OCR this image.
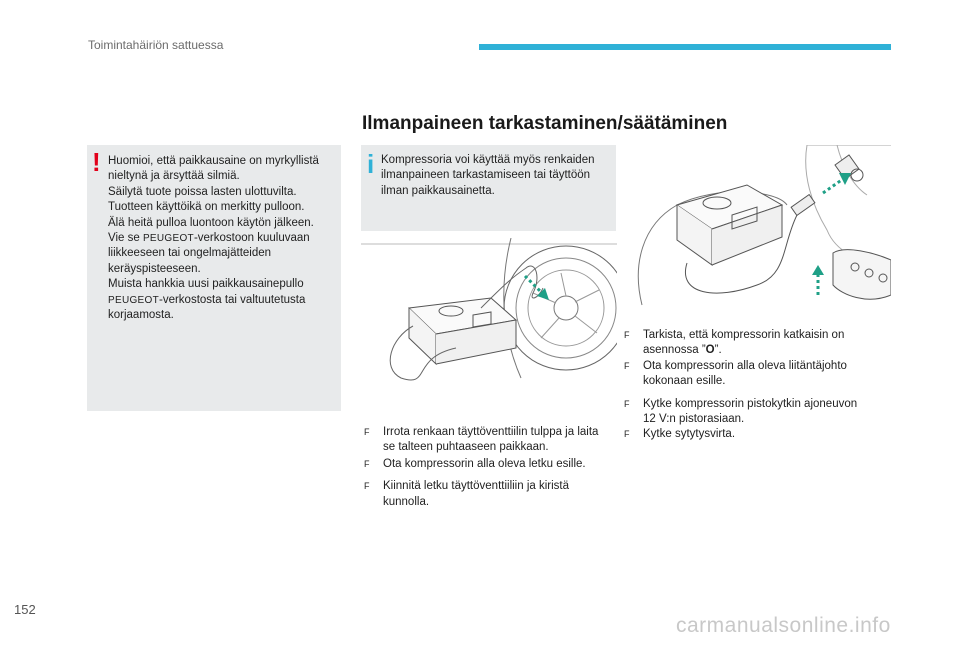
Toimintahäiriön sattuessa
Ilmanpaineen tarkastaminen/säätäminen
! Huomioi, että paikkausaine on myrkyllistä
nieltynä ja ärsyttää silmiä.
Säilytä tuote poissa lasten ulottuvilta.
Tuotteen käyttöikä on merkitty pulloon.
Älä heitä pulloa luontoon käytön jälkeen.
Vie se PEUGEOT-verkostoon kuuluvaan
liikkeeseen tai ongelmajätteiden
keräyspisteeseen.
Muista hankkia uusi paikkausainepullo
PEUGEOT-verkostosta tai valtuutetusta
korjaamosta.
i Kompressoria voi käyttää myös renkaiden
ilmanpaineen tarkastamiseen tai täyttöön
ilman paikkausainetta.
F Irrota renkaan täyttöventtiilin tulppa ja laita
se talteen puhtaaseen paikkaan.
F Ota kompressorin alla oleva letku esille.
F Kiinnitä letku täyttöventtiiliin ja kiristä
kunnolla.
F Tarkista, että kompressorin katkaisin on
asennossa ”O”.
F Ota kompressorin alla oleva liitäntäjohto
kokonaan esille.
F Kytke kompressorin pistokytkin ajoneuvon
12 V:n pistorasiaan.
F Kytke sytytysvirta.
152
carmanualsonline.info
